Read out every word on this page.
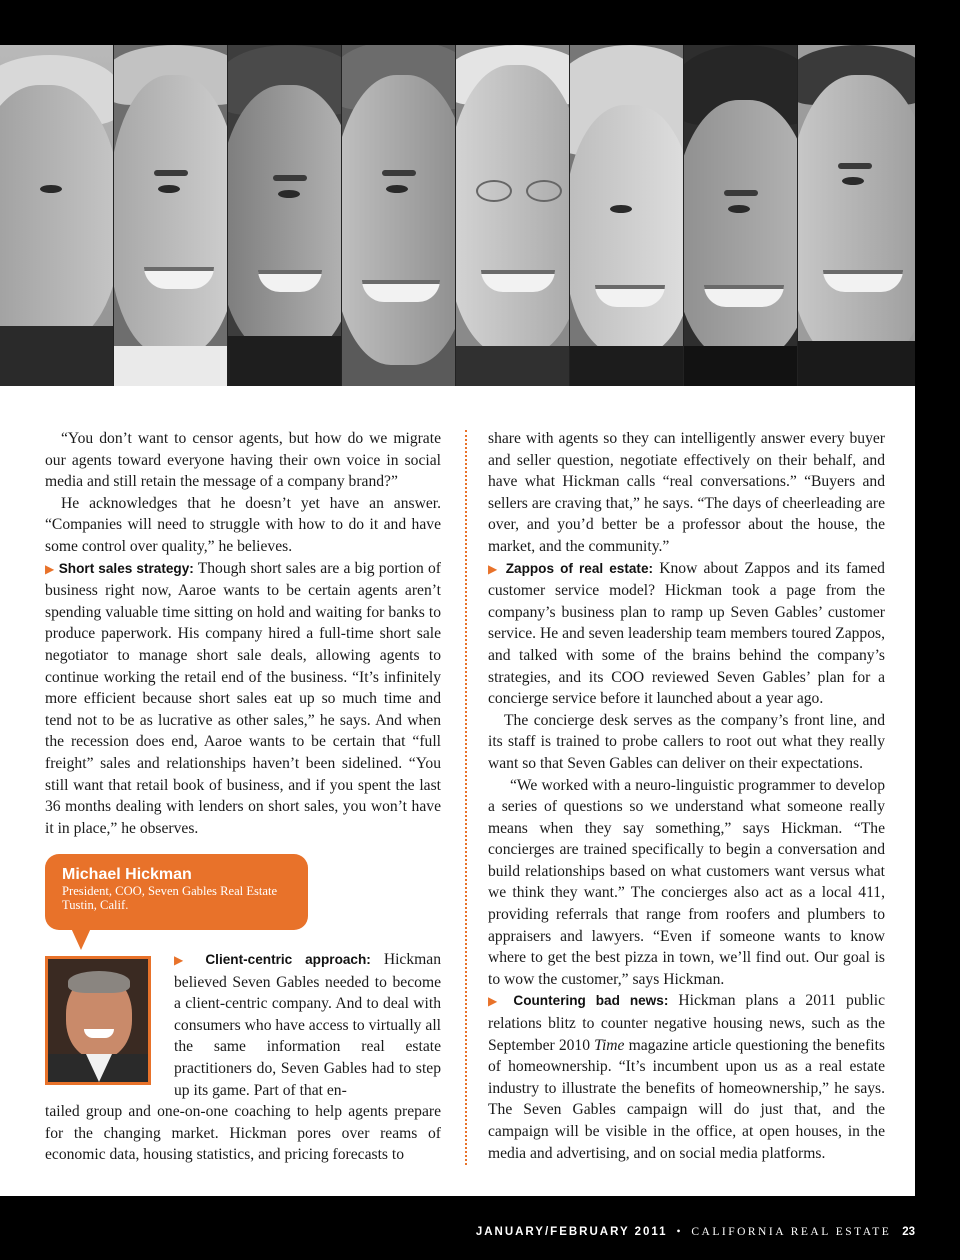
“You don’t want to censor agents, but how do we migrate our agents toward everyone having their own voice in social media and still retain the message of a company brand?”

He acknowledges that he doesn’t yet have an answer. “Companies will need to struggle with how to do it and have some control over quality,” he believes.

▶ Short sales strategy: Though short sales are a big portion of business right now, Aaroe wants to be certain agents aren’t spending valuable time sitting on hold and waiting for banks to produce paperwork. His company hired a full-time short sale negotiator to manage short sale deals, allowing agents to continue working the retail end of the business. “It’s infinitely more efficient because short sales eat up so much time and tend not to be as lucrative as other sales,” he says. And when the recession does end, Aaroe wants to be certain that “full freight” sales and relationships haven’t been sidelined. “You still want that retail book of business, and if you spent the last 36 months dealing with lenders on short sales, you won’t have it in place,” he observes.

Michael Hickman
President, COO, Seven Gables Real Estate
Tustin, Calif.
▶ Client-centric approach: Hickman believed Seven Gables needed to become a client-centric company. And to deal with consumers who have access to virtually all the same information real estate practitioners do, Seven Gables had to step up its game. Part of that en-
tailed group and one-on-one coaching to help agents prepare for the changing market. Hickman pores over reams of economic data, housing statistics, and pricing forecasts to

share with agents so they can intelligently answer every buyer and seller question, negotiate effectively on their behalf, and have what Hickman calls “real conversations.” “Buyers and sellers are craving that,” he says. “The days of cheerleading are over, and you’d better be a professor about the house, the market, and the community.”

▶ Zappos of real estate: Know about Zappos and its famed customer service model? Hickman took a page from the company’s business plan to ramp up Seven Gables’ customer service. He and seven leadership team members toured Zappos, and talked with some of the brains behind the company’s strategies, and its COO reviewed Seven Gables’ plan for a concierge service before it launched about a year ago.

The concierge desk serves as the company’s front line, and its staff is trained to probe callers to root out what they really want so that Seven Gables can deliver on their expectations.

“We worked with a neuro-linguistic programmer to develop a series of questions so we understand what someone really means when they say something,” says Hickman. “The concierges are trained specifically to begin a conversation and build relationships based on what customers want versus what we think they want.” The concierges also act as a local 411, providing referrals that range from roofers and plumbers to appraisers and lawyers. “Even if someone wants to know where to get the best pizza in town, we’ll find out. Our goal is to wow the customer,” says Hickman.

▶ Countering bad news: Hickman plans a 2011 public relations blitz to counter negative housing news, such as the September 2010 Time magazine article questioning the benefits of homeownership. “It’s incumbent upon us as a real estate industry to illustrate the benefits of homeownership,” he says. The Seven Gables campaign will do just that, and the campaign will be visible in the office, at open houses, in the media and advertising, and on social media platforms.

JANUARY/FEBRUARY 2011 • CALIFORNIA REAL ESTATE 23
